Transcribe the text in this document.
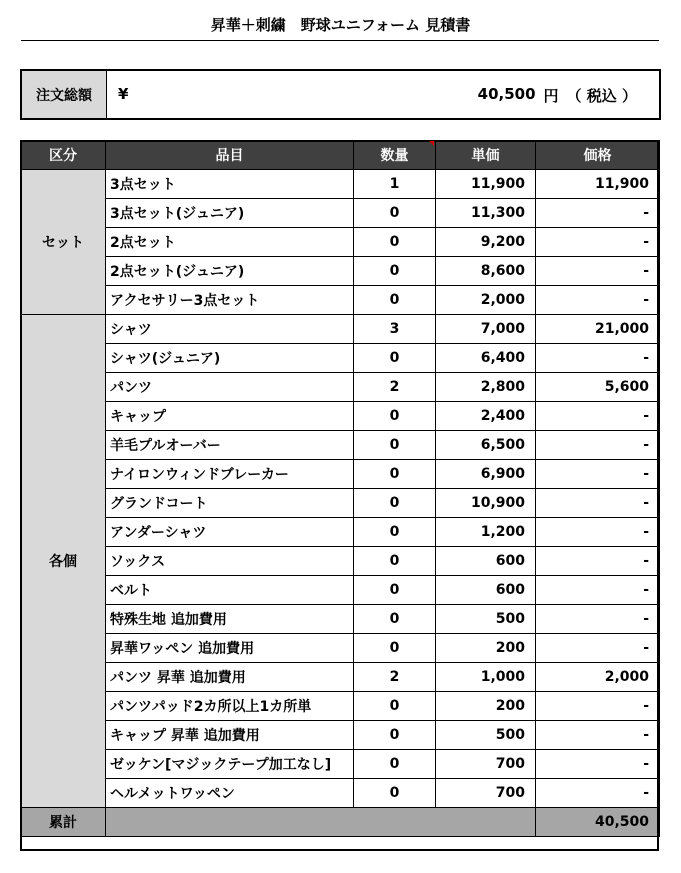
昇華＋刺繍　野球ユニフォーム 見積書
注文総額	¥	40,500 円 （ 税込 ）
区分	品目	数量	単価	価格
セット	3点セット	1	11,900	11,900
	3点セット(ジュニア)	0	11,300	-
	2点セット	0	9,200	-
	2点セット(ジュニア)	0	8,600	-
	アクセサリー3点セット	0	2,000	-
各個	シャツ	3	7,000	21,000
	シャツ(ジュニア)	0	6,400	-
	パンツ	2	2,800	5,600
	キャップ	0	2,400	-
	羊毛プルオーバー	0	6,500	-
	ナイロンウィンドブレーカー	0	6,900	-
	グランドコート	0	10,900	-
	アンダーシャツ	0	1,200	-
	ソックス	0	600	-
	ベルト	0	600	-
	特殊生地 追加費用	0	500	-
	昇華ワッペン 追加費用	0	200	-
	パンツ 昇華 追加費用	2	1,000	2,000
	パンツパッド2カ所以上1カ所単	0	200	-
	キャップ 昇華 追加費用	0	500	-
	ゼッケン[マジックテープ加工なし]	0	700	-
	ヘルメットワッペン	0	700	-
累計				40,500
